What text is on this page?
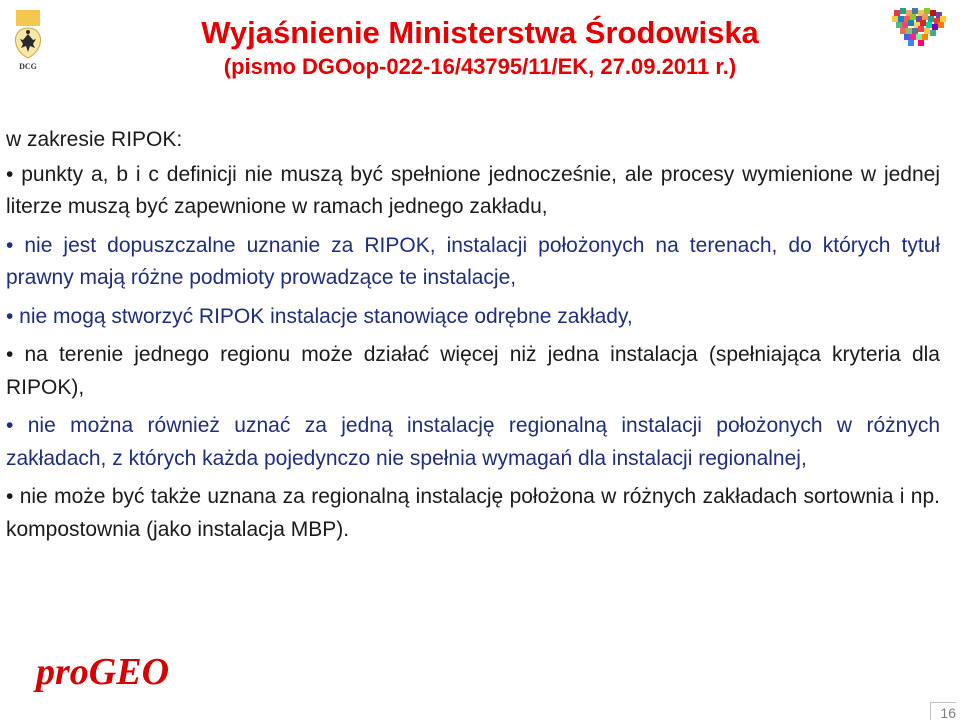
DCG
Wyjaśnienie Ministerstwa Środowiska
(pismo DGOop-022-16/43795/11/EK, 27.09.2011 r.)

w zakresie RIPOK:

• punkty a, b i c definicji nie muszą być spełnione jednocześnie, ale procesy wymienione w jednej literze muszą być zapewnione w ramach jednego zakładu,

• nie jest dopuszczalne uznanie za RIPOK, instalacji położonych na terenach, do których tytuł prawny mają różne podmioty prowadzące te instalacje,

• nie mogą stworzyć RIPOK instalacje stanowiące odrębne zakłady,

• na terenie jednego regionu może działać więcej niż jedna instalacja (spełniająca kryteria dla RIPOK),

• nie można również uznać za jedną instalację regionalną instalacji położonych w różnych zakładach, z których każda pojedynczo nie spełnia wymagań dla instalacji regionalnej,

• nie może być także uznana za regionalną instalację położona w różnych zakładach sortownia i np. kompostownia (jako instalacja MBP).

proGEO
16
